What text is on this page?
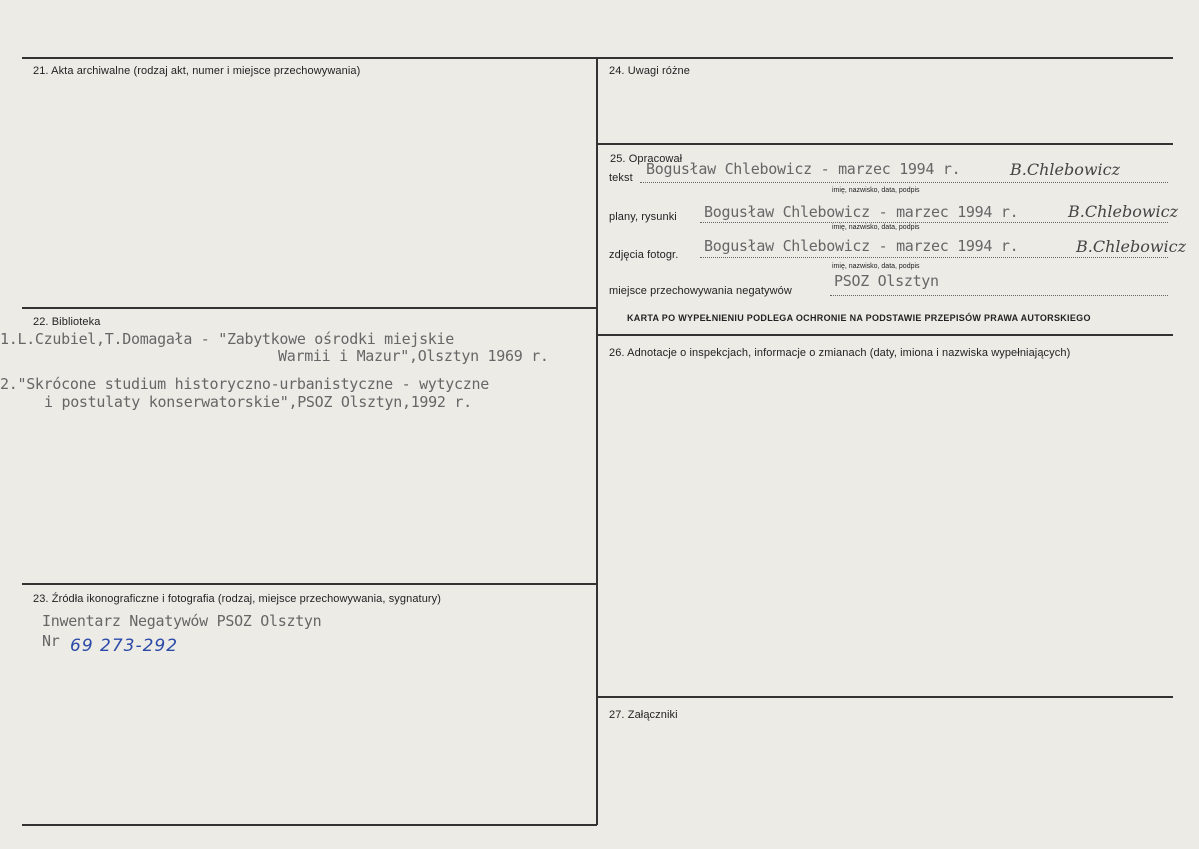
21. Akta archiwalne (rodzaj akt, numer i miejsce przechowywania)
22. Biblioteka
1.L.Czubiel,T.Domagała - "Zabytkowe ośrodki miejskie
Warmii i Mazur",Olsztyn 1969 r.
2."Skrócone studium historyczno-urbanistyczne - wytyczne
i postulaty konserwatorskie",PSOZ Olsztyn,1992 r.
23. Źródła ikonograficzne i fotografia (rodzaj, miejsce przechowywania, sygnatury)
Inwentarz Negatywów PSOZ Olsztyn
Nr 69 273-292
24. Uwagi różne
25. Opracował
tekst Bogusław Chlebowicz - marzec 1994 r.	B.Chlebowicz
imię, nazwisko, data, podpis
plany, rysunki Bogusław Chlebowicz - marzec 1994 r.	B.Chlebowicz
imię, nazwisko, data, podpis
zdjęcia fotogr. Bogusław Chlebowicz - marzec 1994 r.	B.Chlebowicz
imię, nazwisko, data, podpis
miejsce przechowywania negatywów
PSOZ Olsztyn
KARTA PO WYPEŁNIENIU PODLEGA OCHRONIE NA PODSTAWIE PRZEPISÓW PRAWA AUTORSKIEGO
26. Adnotacje o inspekcjach, informacje o zmianach (daty, imiona i nazwiska wypełniających)
27. Załączniki
